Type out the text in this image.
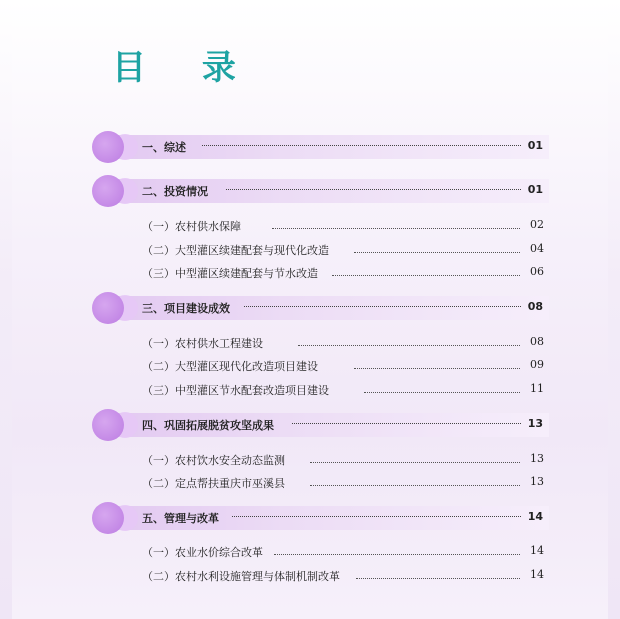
目 录
一、综述	01
二、投资情况	01
（一）农村供水保障	02
（二）大型灌区续建配套与现代化改造	04
（三）中型灌区续建配套与节水改造	06
三、项目建设成效	08
（一）农村供水工程建设	08
（二）大型灌区现代化改造项目建设	09
（三）中型灌区节水配套改造项目建设	11
四、巩固拓展脱贫攻坚成果	13
（一）农村饮水安全动态监测	13
（二）定点帮扶重庆市巫溪县	13
五、管理与改革	14
（一）农业水价综合改革	14
（二）农村水利设施管理与体制机制改革	14
